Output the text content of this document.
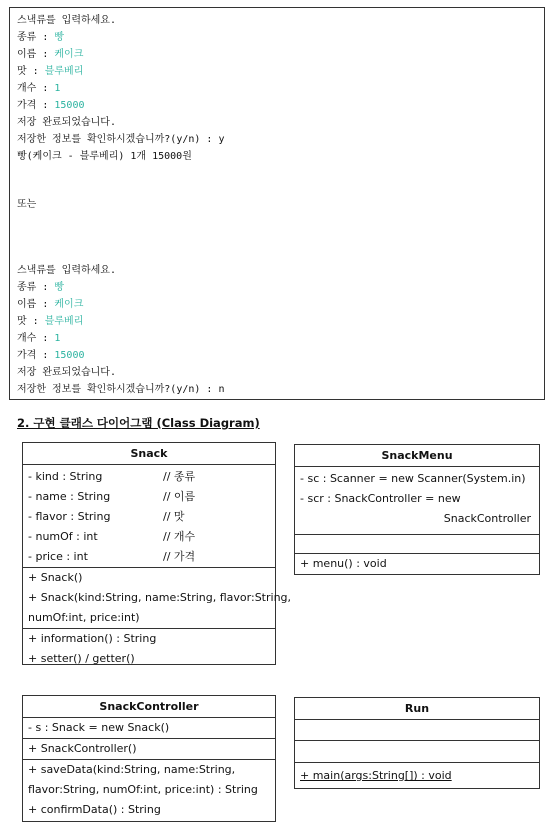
스낵류를 입력하세요.
종류 : 빵
이름 : 케이크
맛 : 블루베리
개수 : 1
가격 : 15000
저장 완료되었습니다.
저장한 정보를 확인하시겠습니까?(y/n) : y
빵(케이크 - 블루베리) 1개 15000원
또는
스낵류를 입력하세요.
종류 : 빵
이름 : 케이크
맛 : 블루베리
개수 : 1
가격 : 15000
저장 완료되었습니다.
저장한 정보를 확인하시겠습니까?(y/n) : n
2. 구현 클래스 다이어그램 (Class Diagram)
Snack
- kind : String	// 종류
- name : String	// 이름
- flavor : String	// 맛
- numOf : int	// 개수
- price : int	// 가격
+ Snack()
+ Snack(kind:String, name:String, flavor:String,
numOf:int, price:int)
+ information() : String
+ setter() / getter()
SnackMenu
- sc : Scanner = new Scanner(System.in)
- scr : SnackController = new
SnackController
+ menu() : void
SnackController
- s : Snack = new Snack()
+ SnackController()
+ saveData(kind:String, name:String,
flavor:String, numOf:int, price:int) : String
+ confirmData() : String
Run
+ main(args:String[]) : void
